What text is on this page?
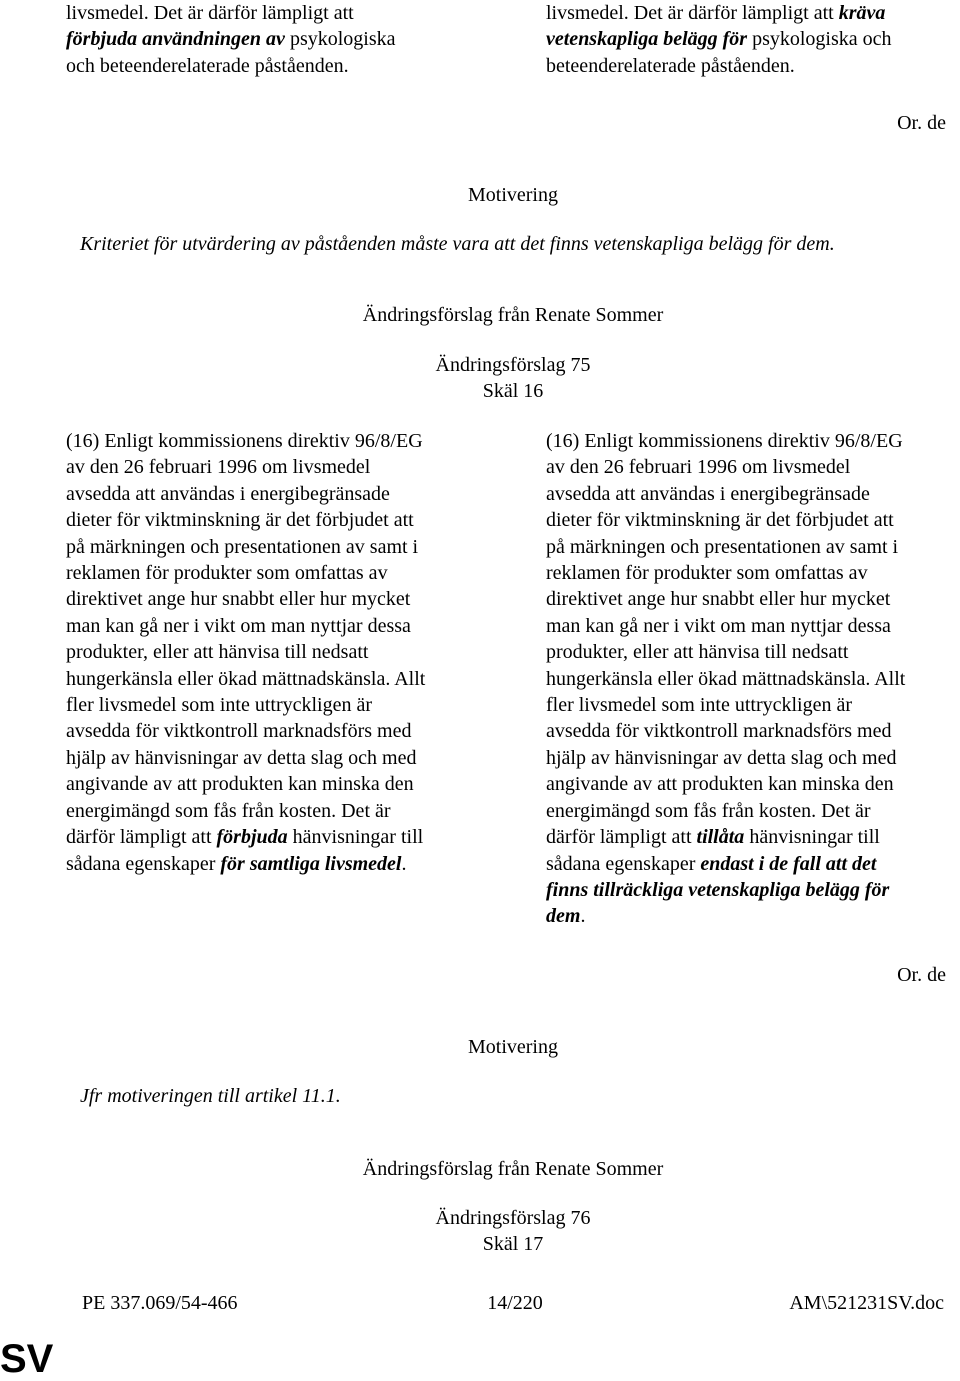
livsmedel. Det är därför lämpligt att
förbjuda användningen av psykologiska
och beteenderelaterade påståenden.
livsmedel. Det är därför lämpligt att kräva
vetenskapliga belägg för psykologiska och
beteenderelaterade påståenden.
Or. de
Motivering
Kriteriet för utvärdering av påståenden måste vara att det finns vetenskapliga belägg för dem.
Ändringsförslag från Renate Sommer
Ändringsförslag 75
Skäl 16
(16) Enligt kommissionens direktiv 96/8/EG
av den 26 februari 1996 om livsmedel
avsedda att användas i energibegränsade
dieter för viktminskning är det förbjudet att
på märkningen och presentationen av samt i
reklamen för produkter som omfattas av
direktivet ange hur snabbt eller hur mycket
man kan gå ner i vikt om man nyttjar dessa
produkter, eller att hänvisa till nedsatt
hungerkänsla eller ökad mättnadskänsla. Allt
fler livsmedel som inte uttryckligen är
avsedda för viktkontroll marknadsförs med
hjälp av hänvisningar av detta slag och med
angivande av att produkten kan minska den
energimängd som fås från kosten. Det är
därför lämpligt att förbjuda hänvisningar till
sådana egenskaper för samtliga livsmedel.
(16) Enligt kommissionens direktiv 96/8/EG
av den 26 februari 1996 om livsmedel
avsedda att användas i energibegränsade
dieter för viktminskning är det förbjudet att
på märkningen och presentationen av samt i
reklamen för produkter som omfattas av
direktivet ange hur snabbt eller hur mycket
man kan gå ner i vikt om man nyttjar dessa
produkter, eller att hänvisa till nedsatt
hungerkänsla eller ökad mättnadskänsla. Allt
fler livsmedel som inte uttryckligen är
avsedda för viktkontroll marknadsförs med
hjälp av hänvisningar av detta slag och med
angivande av att produkten kan minska den
energimängd som fås från kosten. Det är
därför lämpligt att tillåta hänvisningar till
sådana egenskaper endast i de fall att det
finns tillräckliga vetenskapliga belägg för
dem.
Or. de
Motivering
Jfr motiveringen till artikel 11.1.
Ändringsförslag från Renate Sommer
Ändringsförslag 76
Skäl 17
PE 337.069/54-466	14/220	AM\521231SV.doc
SV
